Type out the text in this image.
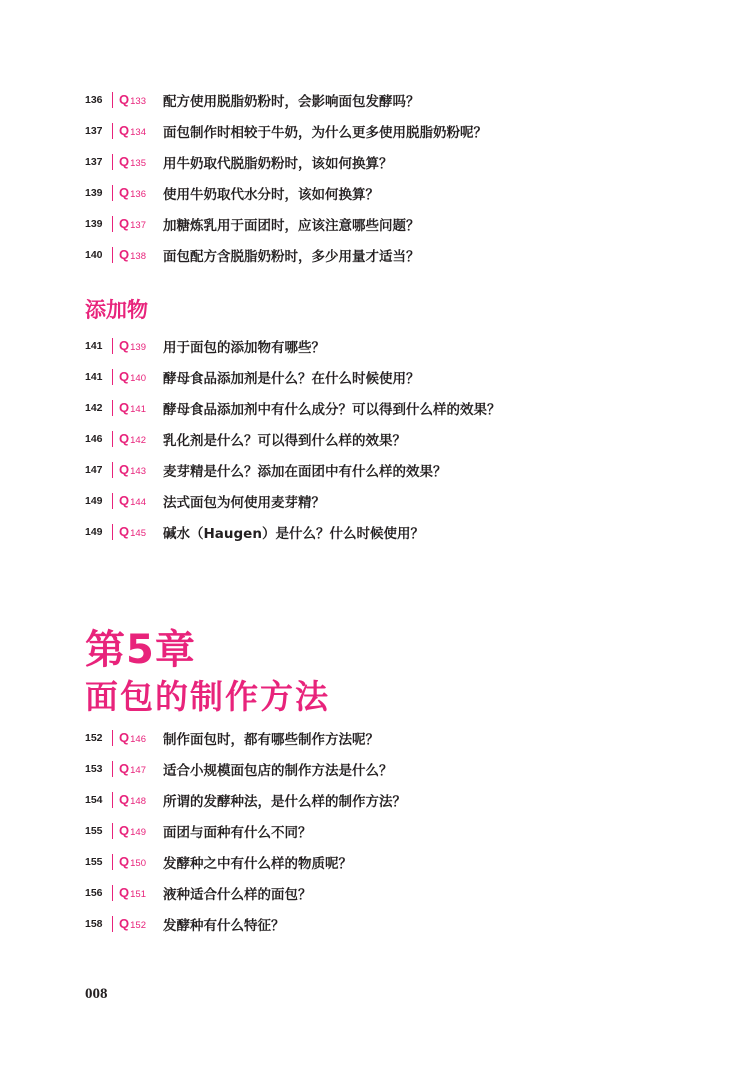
136	Q 133 配方使用脱脂奶粉时，会影响面包发酵吗？
137	Q 134 面包制作时相较于牛奶，为什么更多使用脱脂奶粉呢？
137	Q 135 用牛奶取代脱脂奶粉时，该如何换算？
139	Q 136 使用牛奶取代水分时，该如何换算？
139	Q 137 加糖炼乳用于面团时，应该注意哪些问题？
140	Q 138 面包配方含脱脂奶粉时，多少用量才适当？
添加物
141	Q 139 用于面包的添加物有哪些？
141	Q 140 酵母食品添加剂是什么？在什么时候使用？
142	Q 141 酵母食品添加剂中有什么成分？可以得到什么样的效果？
146	Q 142 乳化剂是什么？可以得到什么样的效果？
147	Q 143 麦芽精是什么？添加在面团中有什么样的效果？
149	Q 144 法式面包为何使用麦芽精？
149	Q 145 碱水（Haugen）是什么？什么时候使用？
第5章
面包的制作方法
152	Q 146 制作面包时，都有哪些制作方法呢？
153	Q 147 适合小规模面包店的制作方法是什么？
154	Q 148 所谓的发酵种法，是什么样的制作方法？
155	Q 149 面团与面种有什么不同？
155	Q 150 发酵种之中有什么样的物质呢？
156	Q 151 液种适合什么样的面包？
158	Q 152 发酵种有什么特征？
008
